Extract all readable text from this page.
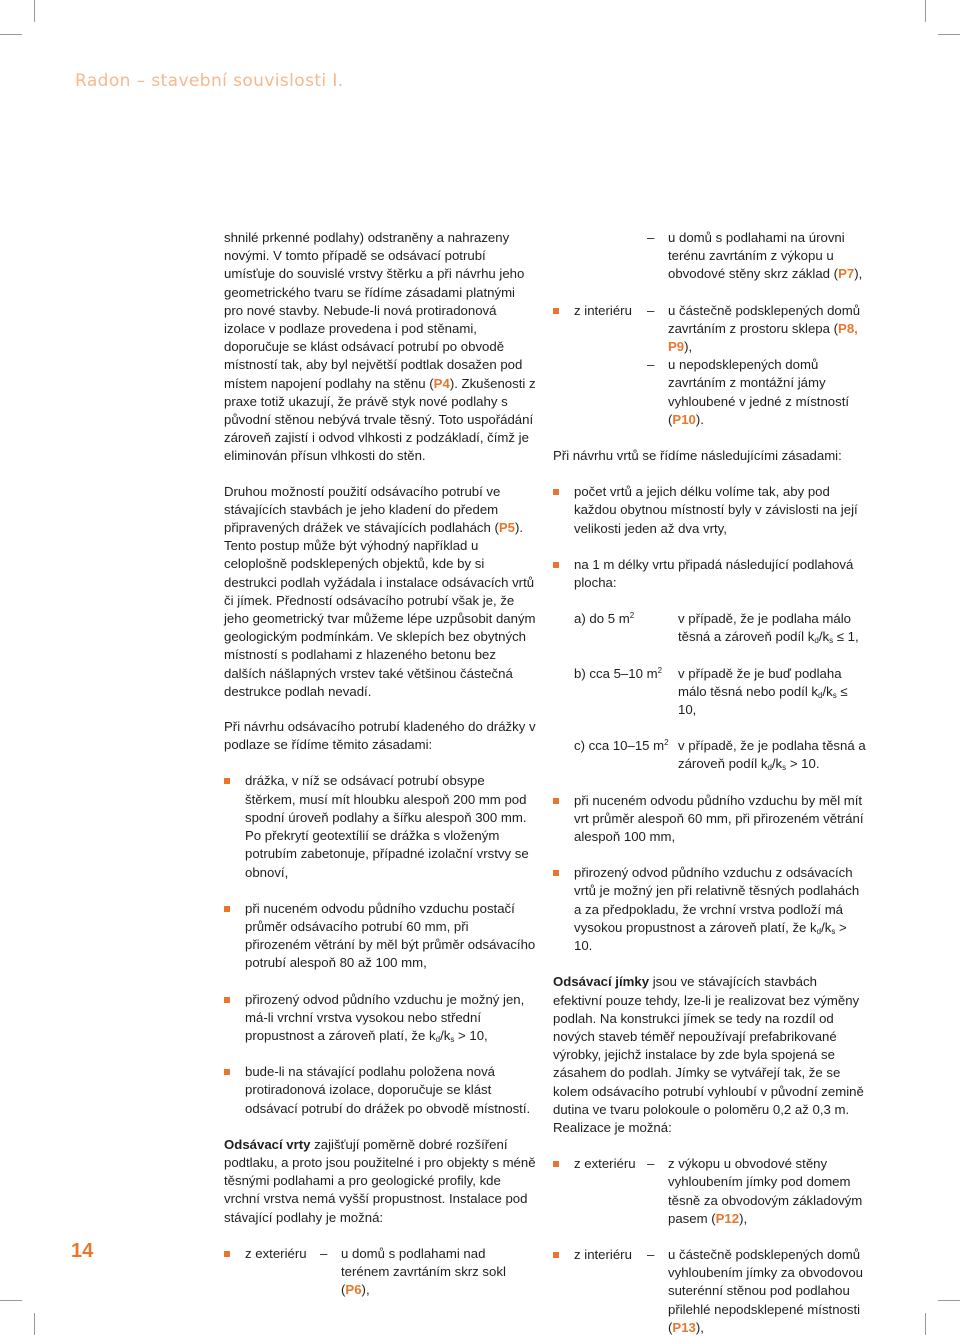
Radon – stavební souvislosti I.

shnilé prkenné podlahy) odstraněny a nahrazeny novými. V tomto případě se odsávací potrubí umísťuje do souvislé vrstvy štěrku a při návrhu jeho geometrického tvaru se řídíme zásadami platnými pro nové stavby. Nebude-li nová protiradonová izolace v podlaze provedena i pod stěnami, doporučuje se klást odsávací potrubí po obvodě místností tak, aby byl největší podtlak dosažen pod místem napojení podlahy na stěnu (P4). Zkušenosti z praxe totiž ukazují, že právě styk nové podlahy s původní stěnou nebývá trvale těsný. Toto uspořádání zároveň zajistí i odvod vlhkosti z podzákladí, čímž je eliminován přísun vlhkosti do stěn.

Druhou možností použití odsávacího potrubí ve stávajících stavbách je jeho kladení do předem připravených drážek ve stávajících podlahách (P5). Tento postup může být výhodný například u celoplošně podsklepených objektů, kde by si destrukci podlah vyžádala i instalace odsávacích vrtů či jímek. Předností odsávacího potrubí však je, že jeho geometrický tvar můžeme lépe uzpůsobit daným geologickým podmínkám. Ve sklepích bez obytných místností s podlahami z hlazeného betonu bez dalších nášlapných vrstev také většinou částečná destrukce podlah nevadí.

Při návrhu odsávacího potrubí kladeného do drážky v podlaze se řídíme těmito zásadami:

drážka, v níž se odsávací potrubí obsype štěrkem, musí mít hloubku alespoň 200 mm pod spodní úroveň podlahy a šířku alespoň 300 mm. Po překrytí geotextílií se drážka s vloženým potrubím zabetonuje, případné izolační vrstvy se obnoví,

při nuceném odvodu půdního vzduchu postačí průměr odsávacího potrubí 60 mm, při přirozeném větrání by měl být průměr odsávacího potrubí alespoň 80 až 100 mm,

přirozený odvod půdního vzduchu je možný jen, má-li vrchní vrstva vysokou nebo střední propustnost a zároveň platí, že $k_d/k_s > 10$,

bude-li na stávající podlahu položena nová protiradonová izolace, doporučuje se klást odsávací potrubí do drážek po obvodě místností.

Odsávací vrty zajišťují poměrně dobré rozšíření podtlaku, a proto jsou použitelné i pro objekty s méně těsnými podlahami a pro geologické profily, kde vrchní vrstva nemá vyšší propustnost. Instalace pod stávající podlahy je možná:

z exteriéru	–	u domů s podlahami nad terénem zavrtáním skrz sokl (P6),
–	u domů s podlahami na úrovni terénu zavrtáním z výkopu u obvodové stěny skrz základ (P7),
z interiéru	–	u částečně podsklepených domů zavrtáním z prostoru sklepa (P8, P9),
–	u nepodsklepených domů zavrtáním z montážní jámy vyhloubené v jedné z místností (P10).

Při návrhu vrtů se řídíme následujícími zásadami:

počet vrtů a jejich délku volíme tak, aby pod každou obytnou místností byly v závislosti na její velikosti jeden až dva vrty,

na 1 m délky vrtu připadá následující podlahová plocha:

a) do 5 $m^2$	v případě, že je podlaha málo těsná a zároveň podíl $k_d/k_s \le 1$,
b) cca 5–10 $m^2$	v případě že je buď podlaha málo těsná nebo podíl $k_d/k_s \le 10$,
c) cca 10–15 $m^2$ v případě, že je podlaha těsná a zároveň podíl $k_d/k_s > 10$.

při nuceném odvodu půdního vzduchu by měl mít vrt průměr alespoň 60 mm, při přirozeném větrání alespoň 100 mm,

přirozený odvod půdního vzduchu z odsávacích vrtů je možný jen při relativně těsných podlahách a za předpokladu, že vrchní vrstva podloží má vysokou propustnost a zároveň platí, že $k_d/k_s > 10$.

Odsávací jímky jsou ve stávajících stavbách efektivní pouze tehdy, lze-li je realizovat bez výměny podlah. Na konstrukci jímek se tedy na rozdíl od nových staveb téměř nepoužívají prefabrikované výrobky, jejichž instalace by zde byla spojená se zásahem do podlah. Jímky se vytvářejí tak, že se kolem odsávacího potrubí vyhloubí v původní zemině dutina ve tvaru polokoule o poloměru 0,2 až 0,3 m. Realizace je možná:

z exteriéru –	z výkopu u obvodové stěny vyhloubením jímky pod domem těsně za obvodovým základovým pasem (P12),
z interiéru	–	u částečně podsklepených domů vyhloubením jímky za obvodovou suterénní stěnou pod podlahou přilehlé nepodsklepené místnosti (P13),
14
